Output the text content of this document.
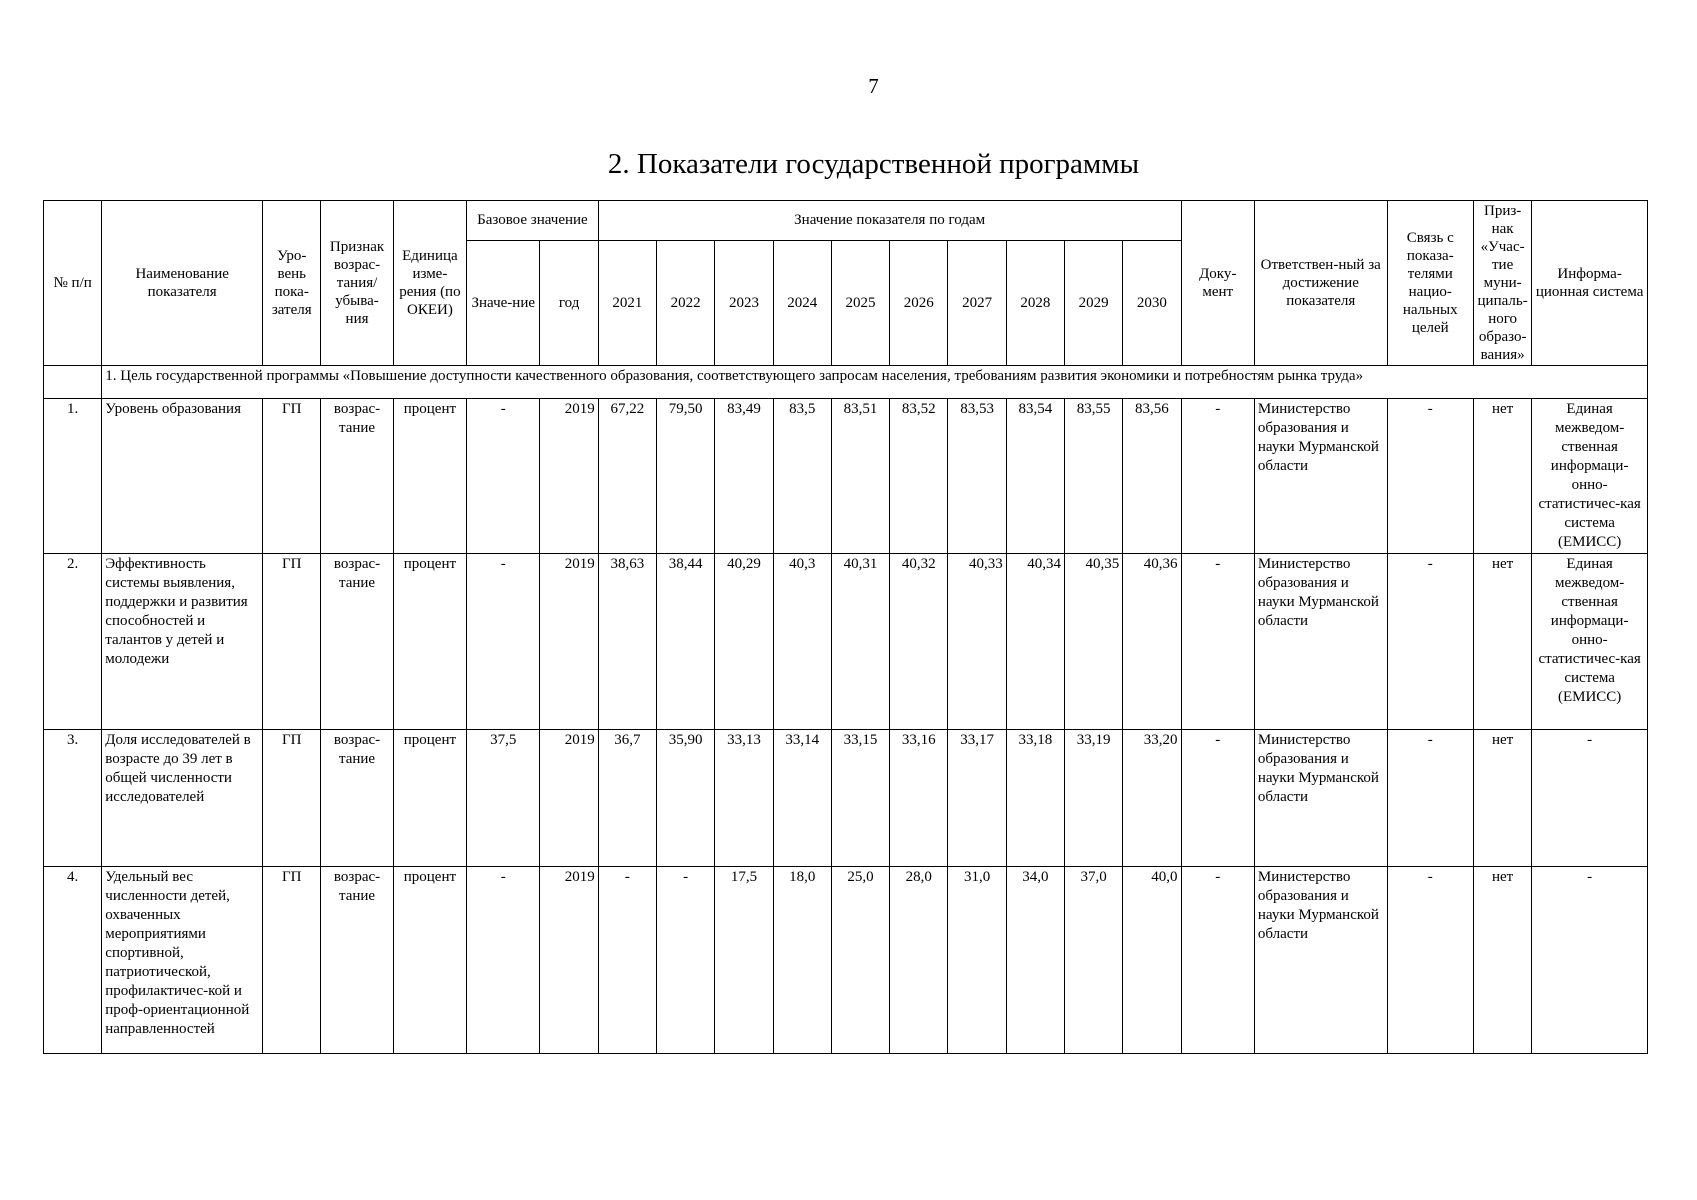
7
2. Показатели государственной программы
№ п/п	Наименование показателя	Уро-вень пока-зателя	Признак возрас-тания/ убыва-ния	Единица изме-рения (по ОКЕИ)	Базовое значение		Значение показателя по годам										Доку-мент	Ответствен-ный за достижение показателя	Связь с показа-телями нацио-нальных целей	Приз-нак «Учас-тие муни-ципаль-ного образо-вания»	Информа-ционная система
					Значе-ние	год	2021	2022	2023	2024	2025	2026	2027	2028	2029	2030					
	1. Цель государственной программы «Повышение доступности качественного образования, соответствующего запросам населения, требованиям развития экономики и потребностям рынка труда»																				
1.	Уровень образования	ГП	возрас-тание	процент	-	2019	67,22	79,50	83,49	83,5	83,51	83,52	83,53	83,54	83,55	83,56	-	Министерство образования и науки Мурманской области	-	нет	Единая межведом-ственная информаци-онно-статистичес-кая система (ЕМИСС)
2.	Эффективность системы выявления, поддержки и развития способностей и талантов у детей и молодежи	ГП	возрас-тание	процент	-	2019	38,63	38,44	40,29	40,3	40,31	40,32	40,33	40,34	40,35	40,36	-	Министерство образования и науки Мурманской области	-	нет	Единая межведом-ственная информаци-онно-статистичес-кая система (ЕМИСС)
3.	Доля исследователей в возрасте до 39 лет в общей численности исследователей	ГП	возрас-тание	процент	37,5	2019	36,7	35,90	33,13	33,14	33,15	33,16	33,17	33,18	33,19	33,20	-	Министерство образования и науки Мурманской области	-	нет	-
4.	Удельный вес численности детей, охваченных мероприятиями спортивной, патриотической, профилактичес-кой и проф-ориентационной направленностей	ГП	возрас-тание	процент	-	2019	-	-	17,5	18,0	25,0	28,0	31,0	34,0	37,0	40,0	-	Министерство образования и науки Мурманской области	-	нет	-
